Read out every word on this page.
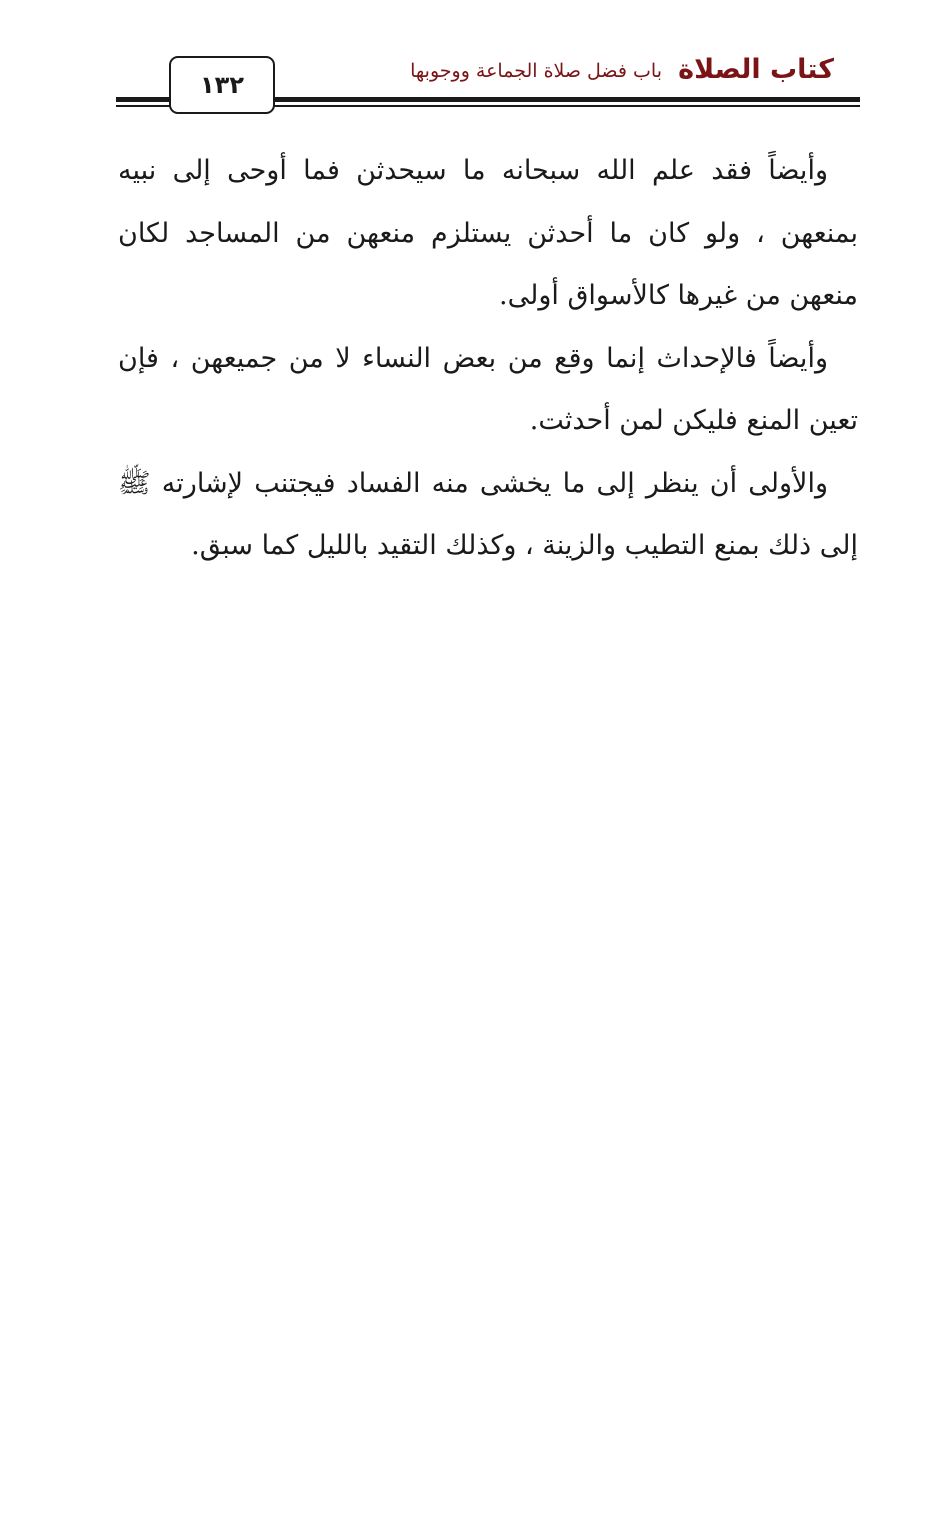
كتاب الصلاة
باب فضل صلاة الجماعة ووجوبها
١٣٢

وأيضاً فقد علم الله سبحانه ما سيحدثن فما أوحى إلى نبيه بمنعهن ، ولو كان ما أحدثن يستلزم منعهن من المساجد لكان منعهن من غيرها كالأسواق أولى.

وأيضاً فالإحداث إنما وقع من بعض النساء لا من جميعهن ، فإن تعين المنع فليكن لمن أحدثت.

والأولى أن ينظر إلى ما يخشى منه الفساد فيجتنب لإشارته ﷺ إلى ذلك بمنع التطيب والزينة ، وكذلك التقيد بالليل كما سبق.
